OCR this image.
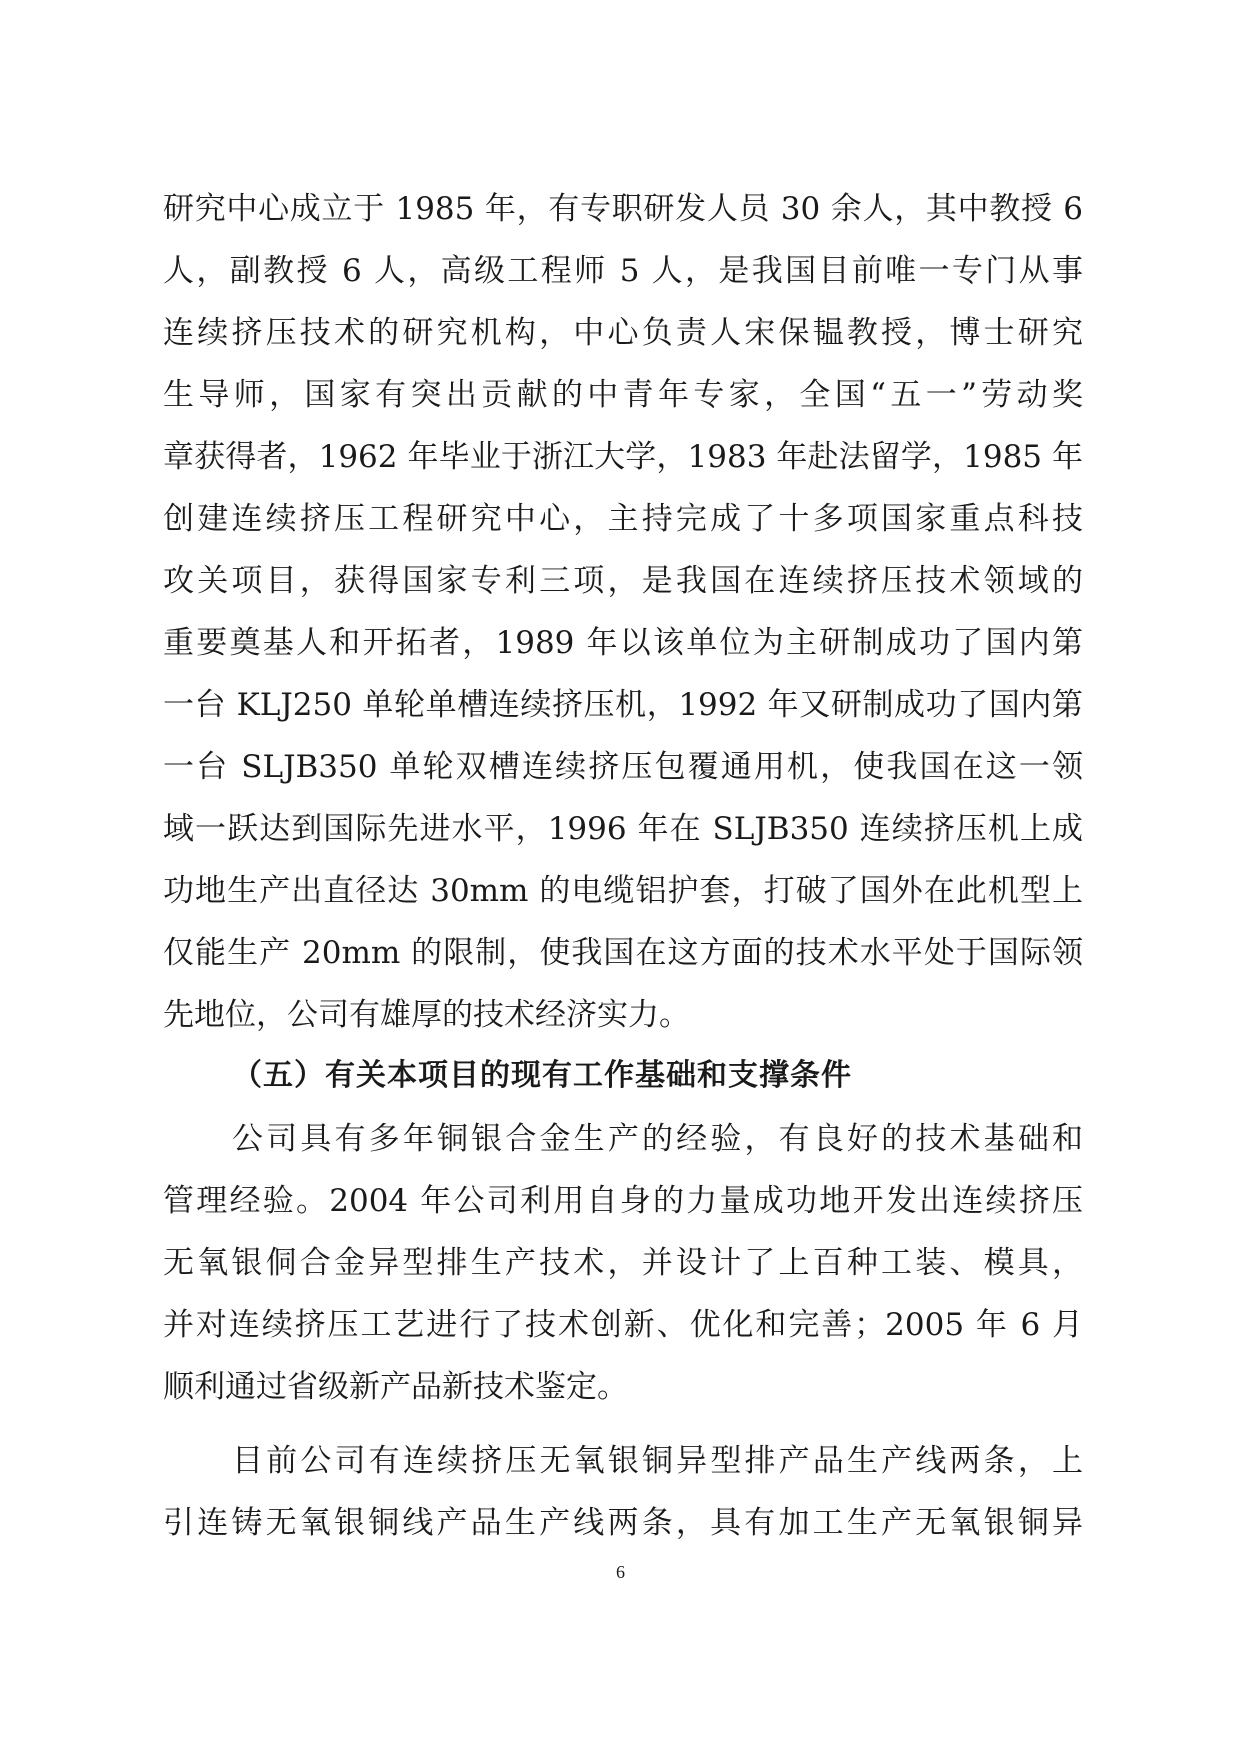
研究中心成立于 1985 年，有专职研发人员 30 余人，其中教授 6
人，副教授 6 人，高级工程师 5 人，是我国目前唯一专门从事
连续挤压技术的研究机构，中心负责人宋保韫教授，博士研究
生导师，国家有突出贡献的中青年专家，全国“五一”劳动奖
章获得者，1962 年毕业于浙江大学，1983 年赴法留学，1985 年
创建连续挤压工程研究中心，主持完成了十多项国家重点科技
攻关项目，获得国家专利三项，是我国在连续挤压技术领域的
重要奠基人和开拓者，1989 年以该单位为主研制成功了国内第
一台 KLJ250 单轮单槽连续挤压机，1992 年又研制成功了国内第
一台 SLJB350 单轮双槽连续挤压包覆通用机，使我国在这一领
域一跃达到国际先进水平，1996 年在 SLJB350 连续挤压机上成
功地生产出直径达 30mm 的电缆铝护套，打破了国外在此机型上
仅能生产 20mm 的限制，使我国在这方面的技术水平处于国际领
先地位，公司有雄厚的技术经济实力。
（五）有关本项目的现有工作基础和支撑条件
公司具有多年铜银合金生产的经验，有良好的技术基础和
管理经验。2004 年公司利用自身的力量成功地开发出连续挤压
无氧银侗合金异型排生产技术，并设计了上百种工装、模具，
并对连续挤压工艺进行了技术创新、优化和完善；2005 年 6 月
顺利通过省级新产品新技术鉴定。
目前公司有连续挤压无氧银铜异型排产品生产线两条，上
引连铸无氧银铜线产品生产线两条，具有加工生产无氧银铜异
6
